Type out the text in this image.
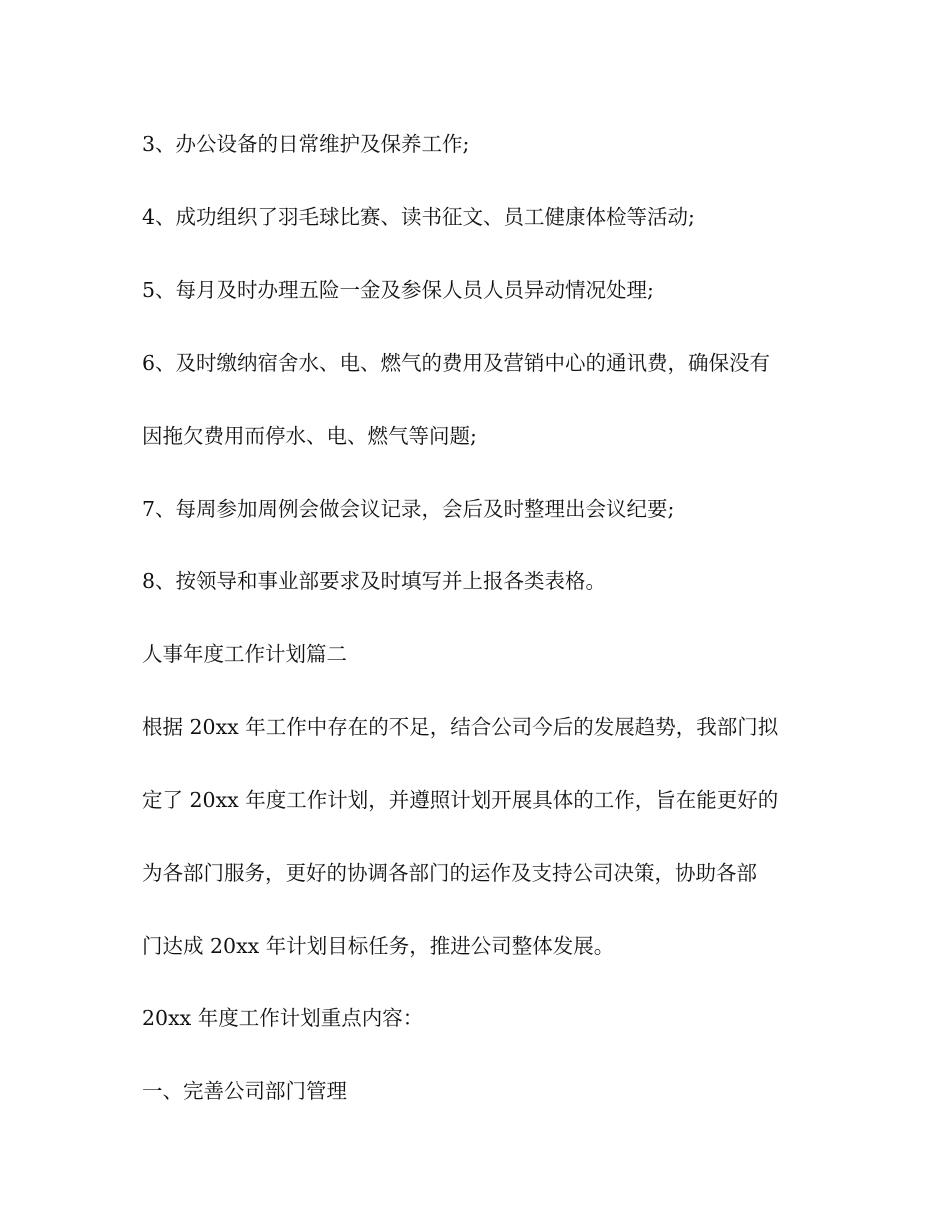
3、办公设备的日常维护及保养工作;

4、成功组织了羽毛球比赛、读书征文、员工健康体检等活动;

5、每月及时办理五险一金及参保人员人员异动情况处理;

6、及时缴纳宿舍水、电、燃气的费用及营销中心的通讯费，确保没有

因拖欠费用而停水、电、燃气等问题;

7、每周参加周例会做会议记录，会后及时整理出会议纪要;

8、按领导和事业部要求及时填写并上报各类表格。

人事年度工作计划篇二

根据 20xx 年工作中存在的不足，结合公司今后的发展趋势，我部门拟

定了 20xx 年度工作计划，并遵照计划开展具体的工作，旨在能更好的

为各部门服务，更好的协调各部门的运作及支持公司决策，协助各部

门达成 20xx 年计划目标任务，推进公司整体发展。

20xx 年度工作计划重点内容：

一、完善公司部门管理
